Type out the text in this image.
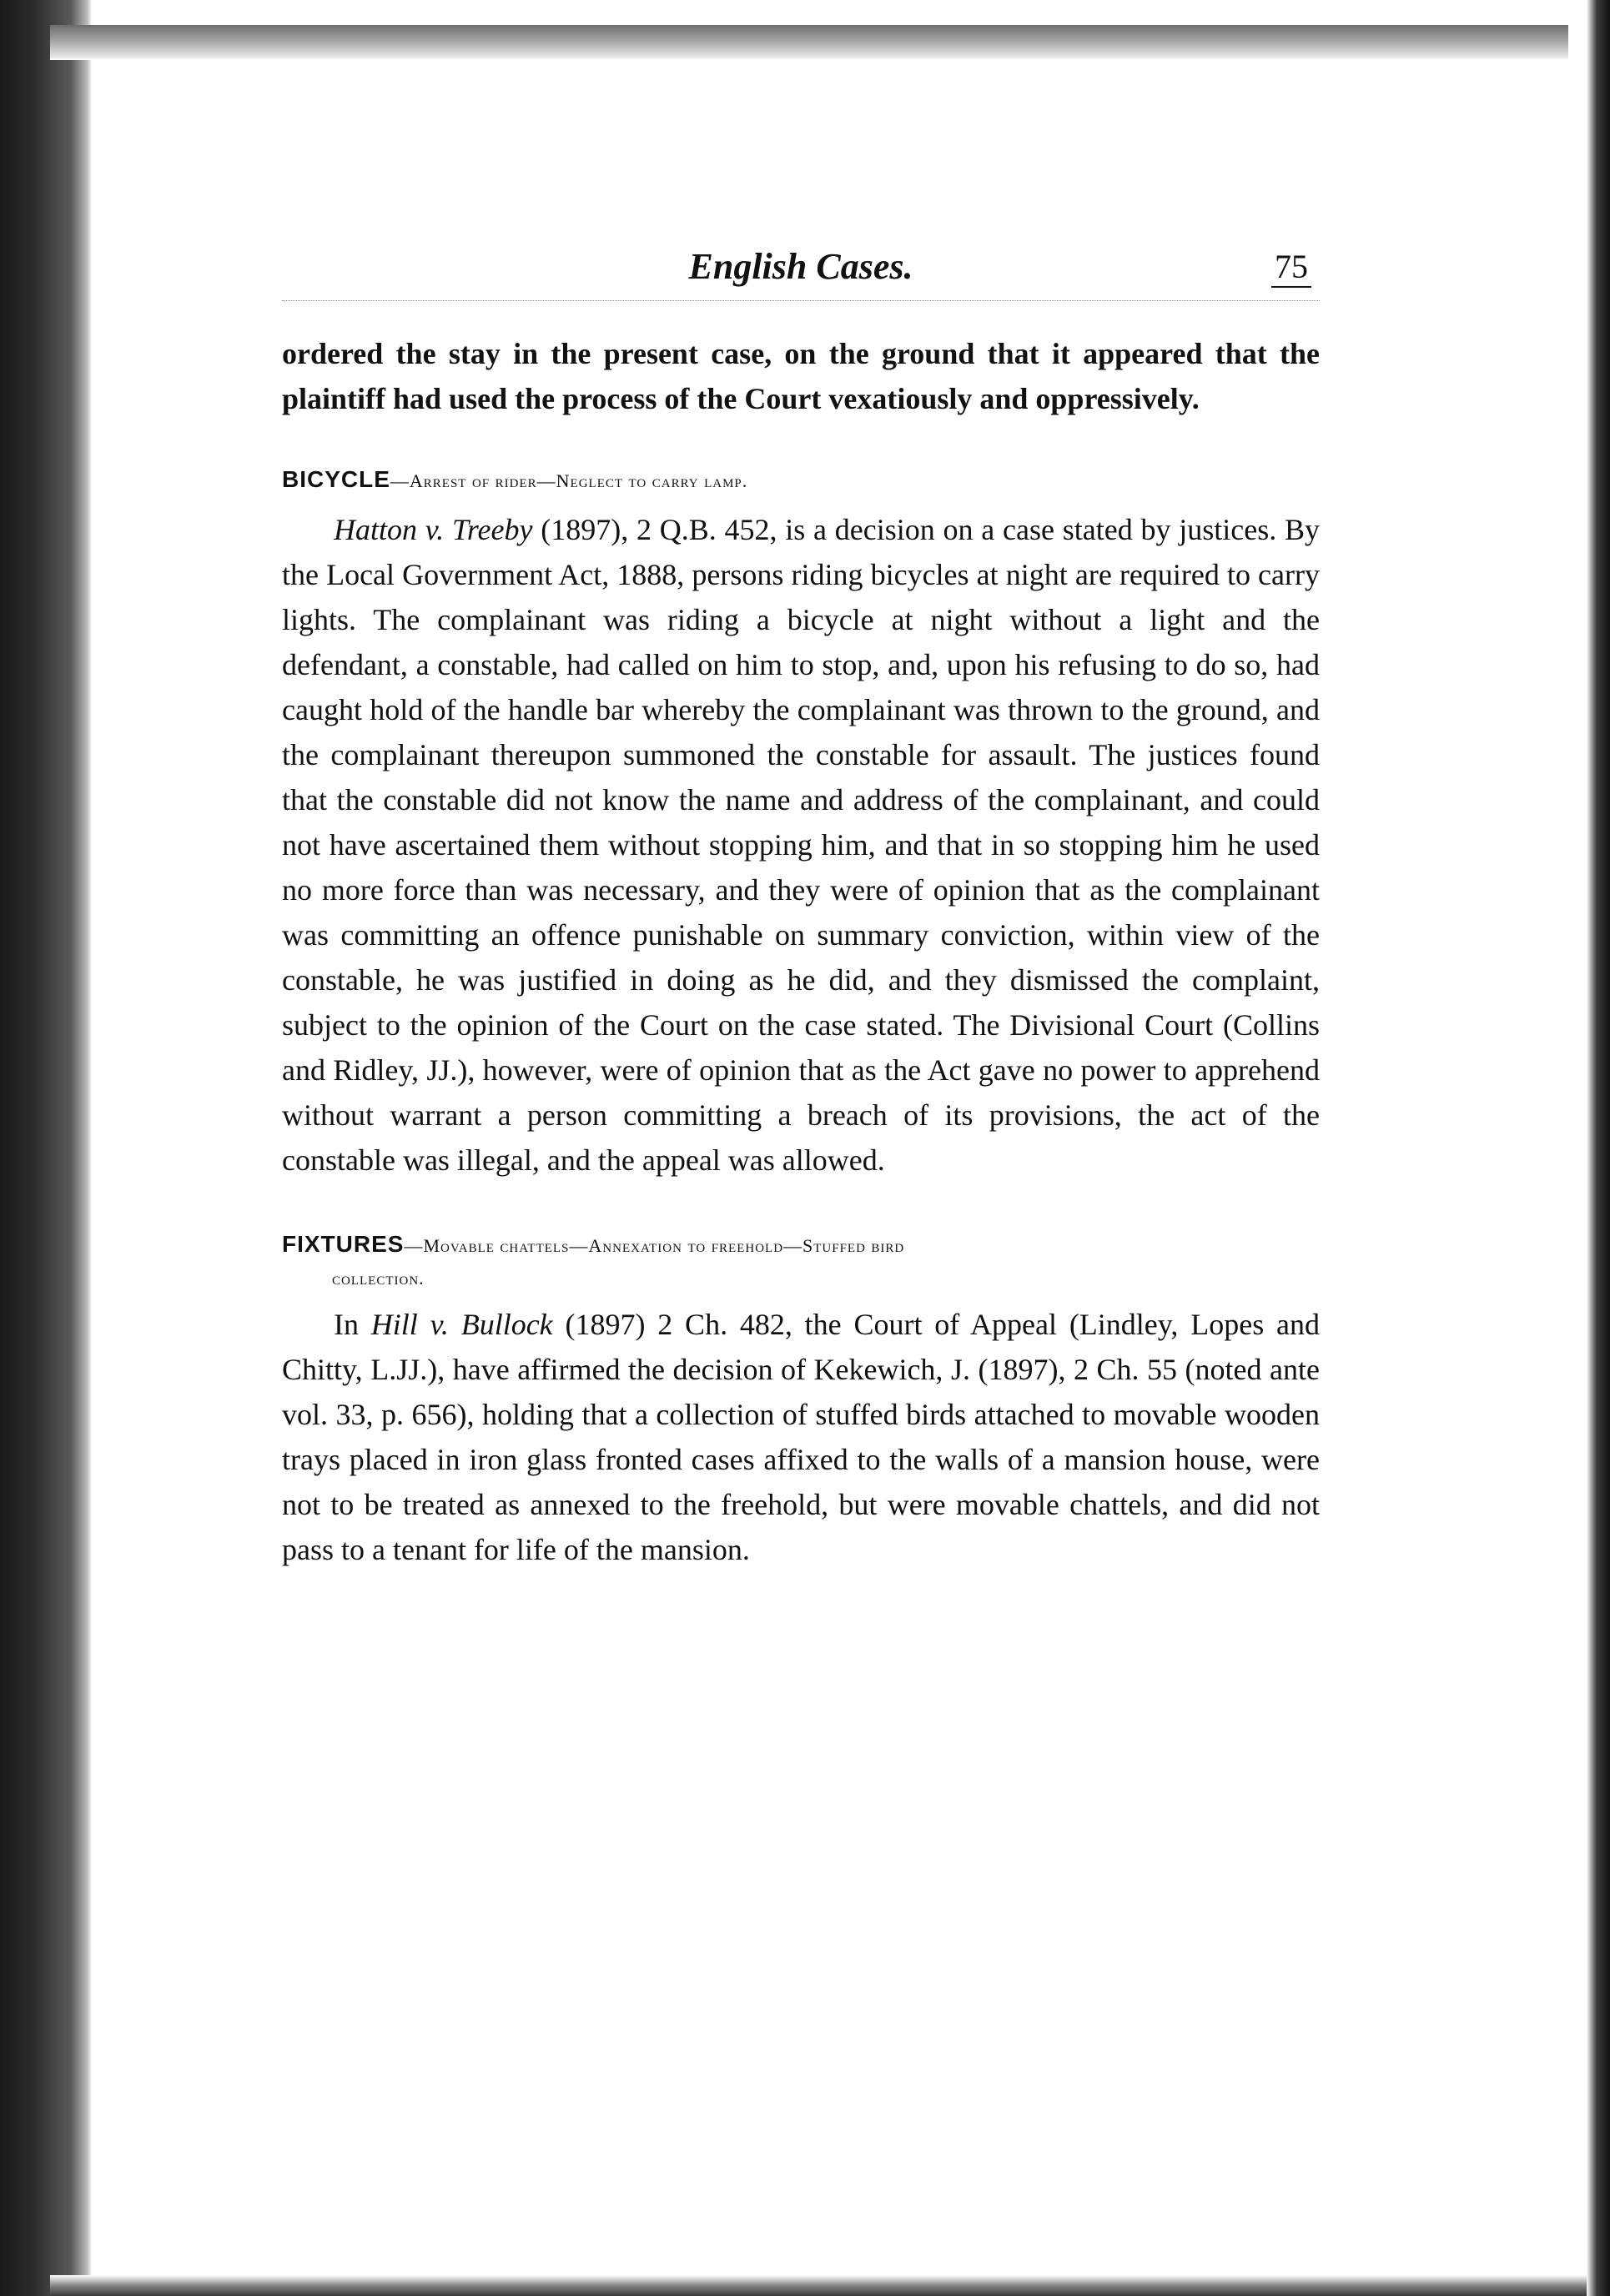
English Cases.	75

ordered the stay in the present case, on the ground that it appeared that the plaintiff had used the process of the Court vexatiously and oppressively.

BICYCLE—Arrest of rider—Neglect to carry lamp.

Hatton v. Treeby (1897), 2 Q.B. 452, is a decision on a case stated by justices. By the Local Government Act, 1888, persons riding bicycles at night are required to carry lights. The complainant was riding a bicycle at night without a light and the defendant, a constable, had called on him to stop, and, upon his refusing to do so, had caught hold of the handle bar whereby the complainant was thrown to the ground, and the complainant thereupon summoned the constable for assault. The justices found that the constable did not know the name and address of the complainant, and could not have ascertained them without stopping him, and that in so stopping him he used no more force than was necessary, and they were of opinion that as the complainant was committing an offence punishable on summary conviction, within view of the constable, he was justified in doing as he did, and they dismissed the complaint, subject to the opinion of the Court on the case stated. The Divisional Court (Collins and Ridley, JJ.), however, were of opinion that as the Act gave no power to apprehend without warrant a person committing a breach of its provisions, the act of the constable was illegal, and the appeal was allowed.

FIXTURES—Movable chattels—Annexation to freehold—Stuffed bird
collection.

In Hill v. Bullock (1897) 2 Ch. 482, the Court of Appeal (Lindley, Lopes and Chitty, L.JJ.), have affirmed the decision of Kekewich, J. (1897), 2 Ch. 55 (noted ante vol. 33, p. 656), holding that a collection of stuffed birds attached to movable wooden trays placed in iron glass fronted cases affixed to the walls of a mansion house, were not to be treated as annexed to the freehold, but were movable chattels, and did not pass to a tenant for life of the mansion.
